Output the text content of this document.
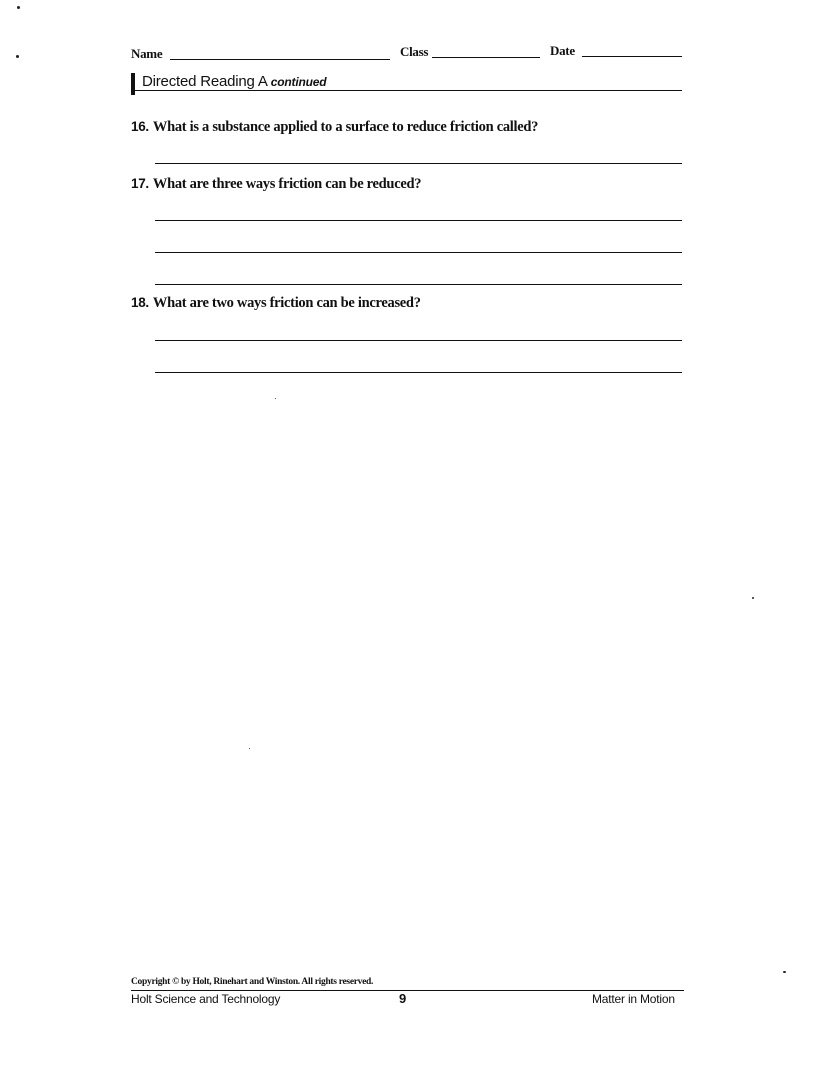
Name	Class	Date
Directed Reading A continued
16. What is a substance applied to a surface to reduce friction called?
17. What are three ways friction can be reduced?
18. What are two ways friction can be increased?
Copyright © by Holt, Rinehart and Winston. All rights reserved.
Holt Science and Technology	9	Matter in Motion
